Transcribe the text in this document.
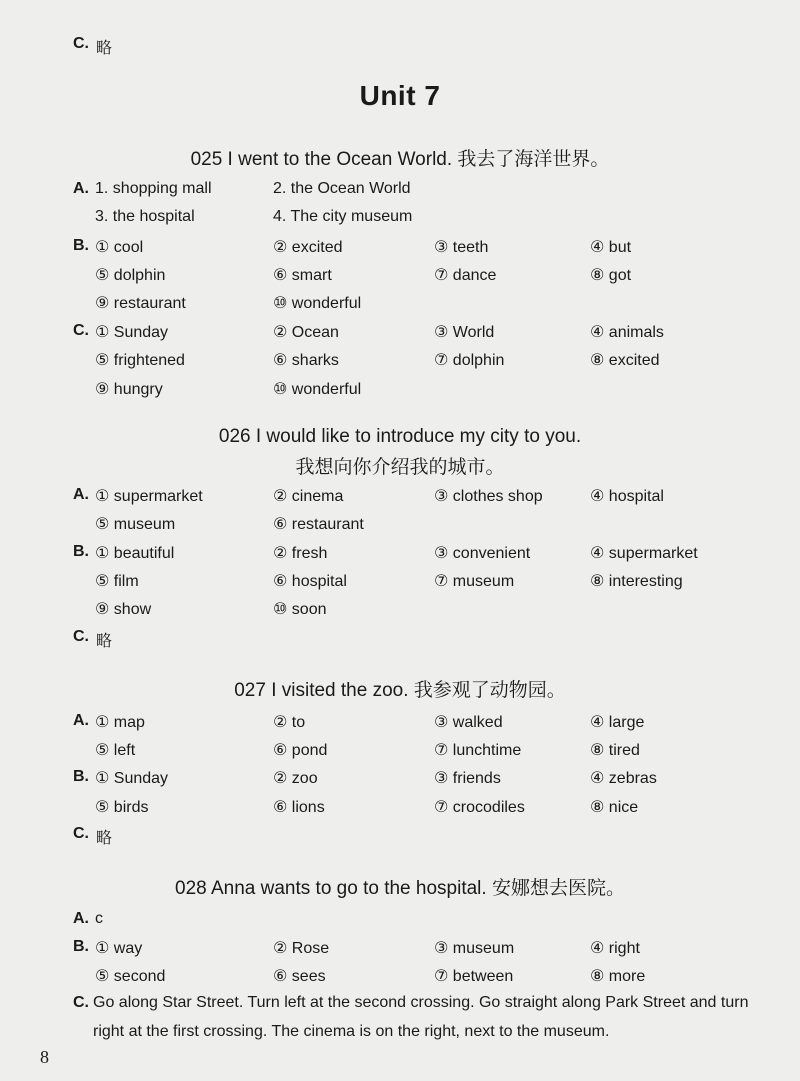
C. 略
Unit 7
025 I went to the Ocean World. 我去了海洋世界。
A. 1. shopping mall	2. the Ocean World
3. the hospital	4. The city museum
B. ① cool	② excited	③ teeth	④ but
⑤ dolphin	⑥ smart	⑦ dance	⑧ got
⑨ restaurant	⑩ wonderful
C. ① Sunday	② Ocean	③ World	④ animals
⑤ frightened	⑥ sharks	⑦ dolphin	⑧ excited
⑨ hungry	⑩ wonderful
026 I would like to introduce my city to you.
我想向你介绍我的城市。
A. ① supermarket	② cinema	③ clothes shop	④ hospital
⑤ museum	⑥ restaurant
B. ① beautiful	② fresh	③ convenient	④ supermarket
⑤ film	⑥ hospital	⑦ museum	⑧ interesting
⑨ show	⑩ soon
C. 略
027 I visited the zoo. 我参观了动物园。
A. ① map	② to	③ walked	④ large
⑤ left	⑥ pond	⑦ lunchtime	⑧ tired
B. ① Sunday	② zoo	③ friends	④ zebras
⑤ birds	⑥ lions	⑦ crocodiles	⑧ nice
C. 略
028 Anna wants to go to the hospital. 安娜想去医院。
A. c
B. ① way	② Rose	③ museum	④ right
⑤ second	⑥ sees	⑦ between	⑧ more
C. Go along Star Street. Turn left at the second crossing. Go straight along Park Street and turn right at the first crossing. The cinema is on the right, next to the museum.
8
